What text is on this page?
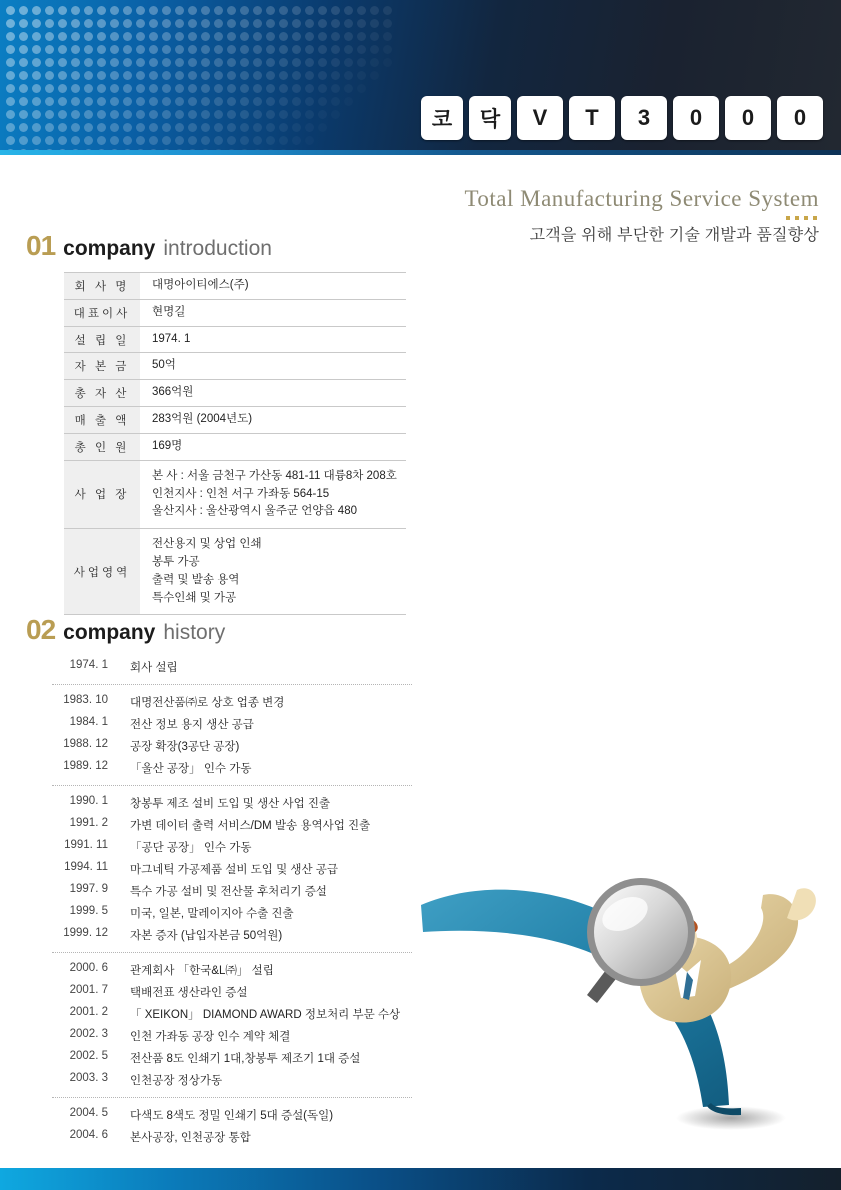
코	닥	V	T	3	0	0	0
Total Manufacturing Service System
고객을 위해 부단한 기술 개발과 품질향상
01 company introduction
회 사 명	대명아이티에스(주)

대표이사	현명길

설 립 일	1974. 1

자 본 금	50억

총 자 산	366억원

매 출 액	283억원 (2004년도)

총 인 원	169명

사 업 장	본 사 : 서울 금천구 가산동 481-11 대륭8차 208호
인천지사 : 인천 서구 가좌동 564-15
울산지사 : 울산광역시 울주군 언양읍 480

사업영역	전산용지 및 상업 인쇄
봉투 가공
출력 및 발송 용역
특수인쇄 및 가공
02 company history
1974. 1	회사 설립
1983. 10	대명전산품㈜로 상호 업종 변경
1984. 1	전산 정보 용지 생산 공급
1988. 12	공장 확장(3공단 공장)
1989. 12	「울산 공장」 인수 가동
1990. 1	창봉투 제조 설비 도입 및 생산 사업 진출
1991. 2	가변 데이터 출력 서비스/DM 발송 용역사업 진출
1991. 11	「공단 공장」 인수 가동
1994. 11	마그네틱 가공제품 설비 도입 및 생산 공급
1997. 9	특수 가공 설비 및 전산물 후처리기 증설
1999. 5	미국, 일본, 말레이지아 수출 진출
1999. 12	자본 증자 (납입자본금 50억원)
2000. 6	관계회사 「한국&L㈜」 설립
2001. 7	택배전표 생산라인 증설
2001. 2	「 XEIKON」 DIAMOND AWARD 정보처리 부문 수상
2002. 3	인천 가좌동 공장 인수 계약 체결
2002. 5	전산품 8도 인쇄기 1대,창봉투 제조기 1대 증설
2003. 3	인천공장 정상가동
2004. 5	다색도 8색도 정밀 인쇄기 5대 증설(독일)
2004. 6	본사공장, 인천공장 통합
